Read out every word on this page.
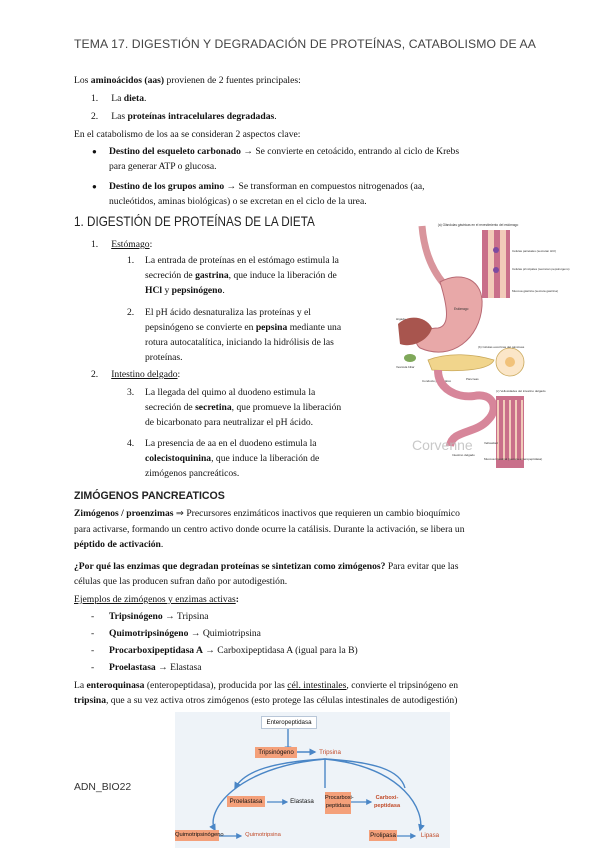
TEMA 17. DIGESTIÓN Y DEGRADACIÓN DE PROTEÍNAS, CATABOLISMO DE AA
Los aminoácidos (aas) provienen de 2 fuentes principales:
1. La dieta.
2. Las proteínas intracelulares degradadas.
En el catabolismo de los aa se consideran 2 aspectos clave:
● Destino del esqueleto carbonado → Se convierte en cetoácido, entrando al ciclo de Krebs
para generar ATP o glucosa.
● Destino de los grupos amino → Se transforman en compuestos nitrogenados (aa,
nucleótidos, aminas biológicas) o se excretan en el ciclo de la urea.
1. DIGESTIÓN DE PROTEÍNAS DE LA DIETA
1. Estómago:
1. La entrada de proteínas en el estómago estimula la
secreción de gastrina, que induce la liberación de
HCl y pepsinógeno.
2. El pH ácido desnaturaliza las proteínas y el
pepsinógeno se convierte en pepsina mediante una
rotura autocatalítica, iniciando la hidrólisis de las
proteínas.
2. Intestino delgado:
3. La llegada del quimo al duodeno estimula la
secreción de secretina, que promueve la liberación
de bicarbonato para neutralizar el pH ácido.
4. La presencia de aa en el duodeno estimula la
colecistoquinina, que induce la liberación de
zimógenos pancreáticos.
(a) Glándulas gástricas en el revestimiento del estómago
Células parietales (secretan HCl)
Células principales (secretan pepsinógeno)
Mucosa gástrica (secreta gastrina)
Estómago
Hígado
Vesícula biliar
Páncreas
Conducto pancreático
(b) Células exocrinas del páncreas
Intestino delgado
(c) Vellosidades del intestino delgado
Vellosidad
Mucosa intestinal (secreta enteropeptidasa)
Corvenne
ZIMÓGENOS PANCREATICOS
Zimógenos / proenzimas ⇒ Precursores enzimáticos inactivos que requieren un cambio bioquímico
para activarse, formando un centro activo donde ocurre la catálisis. Durante la activación, se libera un
péptido de activación.
¿Por qué las enzimas que degradan proteínas se sintetizan como zimógenos? Para evitar que las
células que las producen sufran daño por autodigestión.
Ejemplos de zimógenos y enzimas activas:
- Tripsinógeno → Tripsina
- Quimotripsinógeno → Quimiotripsina
- Procarboxipeptidasa A → Carboxipeptidasa A (igual para la B)
- Proelastasa → Elastasa
La enteroquinasa (enteropeptidasa), producida por las cél. intestinales, convierte el tripsinógeno en
tripsina, que a su vez activa otros zimógenos (esto protege las células intestinales de autodigestión)
Enteropeptidasa
Tripsinógeno	Tripsina
Proelastasa	Elastasa	Procarboxi-peptidasa
Carboxi-peptidasa
Quimotripsinógeno	Quimotripsina	Prolipasa	Lipasa
ADN_BIO22
